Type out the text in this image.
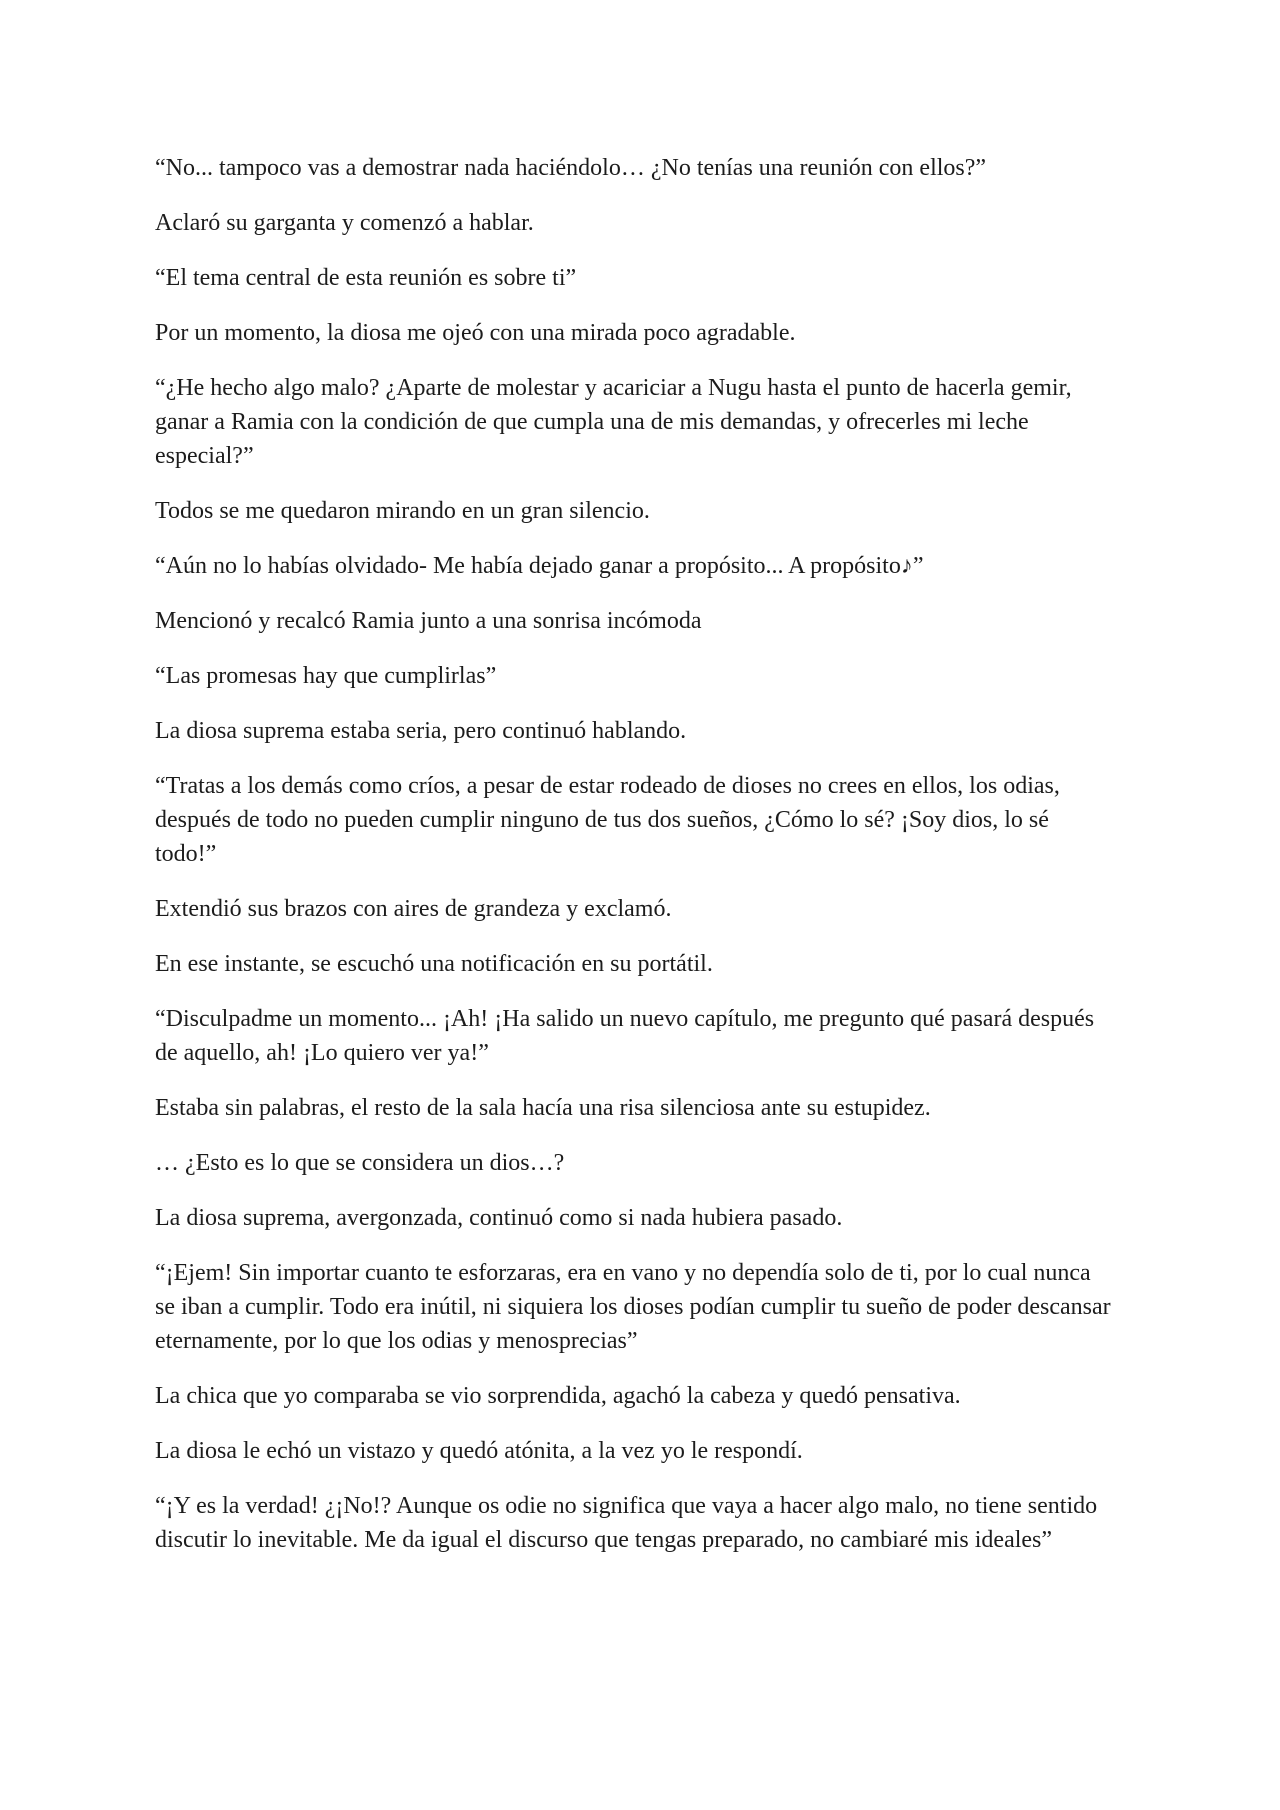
“No... tampoco vas a demostrar nada haciéndolo… ¿No tenías una reunión con ellos?”

Aclaró su garganta y comenzó a hablar.

“El tema central de esta reunión es sobre ti”

Por un momento, la diosa me ojeó con una mirada poco agradable.

“¿He hecho algo malo? ¿Aparte de molestar y acariciar a Nugu hasta el punto de hacerla gemir, ganar a Ramia con la condición de que cumpla una de mis demandas, y ofrecerles mi leche especial?”

Todos se me quedaron mirando en un gran silencio.

“Aún no lo habías olvidado- Me había dejado ganar a propósito... A propósito♪”

Mencionó y recalcó Ramia junto a una sonrisa incómoda

“Las promesas hay que cumplirlas”

La diosa suprema estaba seria, pero continuó hablando.

“Tratas a los demás como críos, a pesar de estar rodeado de dioses no crees en ellos, los odias, después de todo no pueden cumplir ninguno de tus dos sueños, ¿Cómo lo sé? ¡Soy dios, lo sé todo!”

Extendió sus brazos con aires de grandeza y exclamó.

En ese instante, se escuchó una notificación en su portátil.

“Disculpadme un momento... ¡Ah! ¡Ha salido un nuevo capítulo, me pregunto qué pasará después de aquello, ah! ¡Lo quiero ver ya!”

Estaba sin palabras, el resto de la sala hacía una risa silenciosa ante su estupidez.

… ¿Esto es lo que se considera un dios…?

La diosa suprema, avergonzada, continuó como si nada hubiera pasado.

“¡Ejem! Sin importar cuanto te esforzaras, era en vano y no dependía solo de ti, por lo cual nunca se iban a cumplir. Todo era inútil, ni siquiera los dioses podían cumplir tu sueño de poder descansar eternamente, por lo que los odias y menosprecias”

La chica que yo comparaba se vio sorprendida, agachó la cabeza y quedó pensativa.

La diosa le echó un vistazo y quedó atónita, a la vez yo le respondí.

“¡Y es la verdad! ¿¡No!? Aunque os odie no significa que vaya a hacer algo malo, no tiene sentido discutir lo inevitable. Me da igual el discurso que tengas preparado, no cambiaré mis ideales”
